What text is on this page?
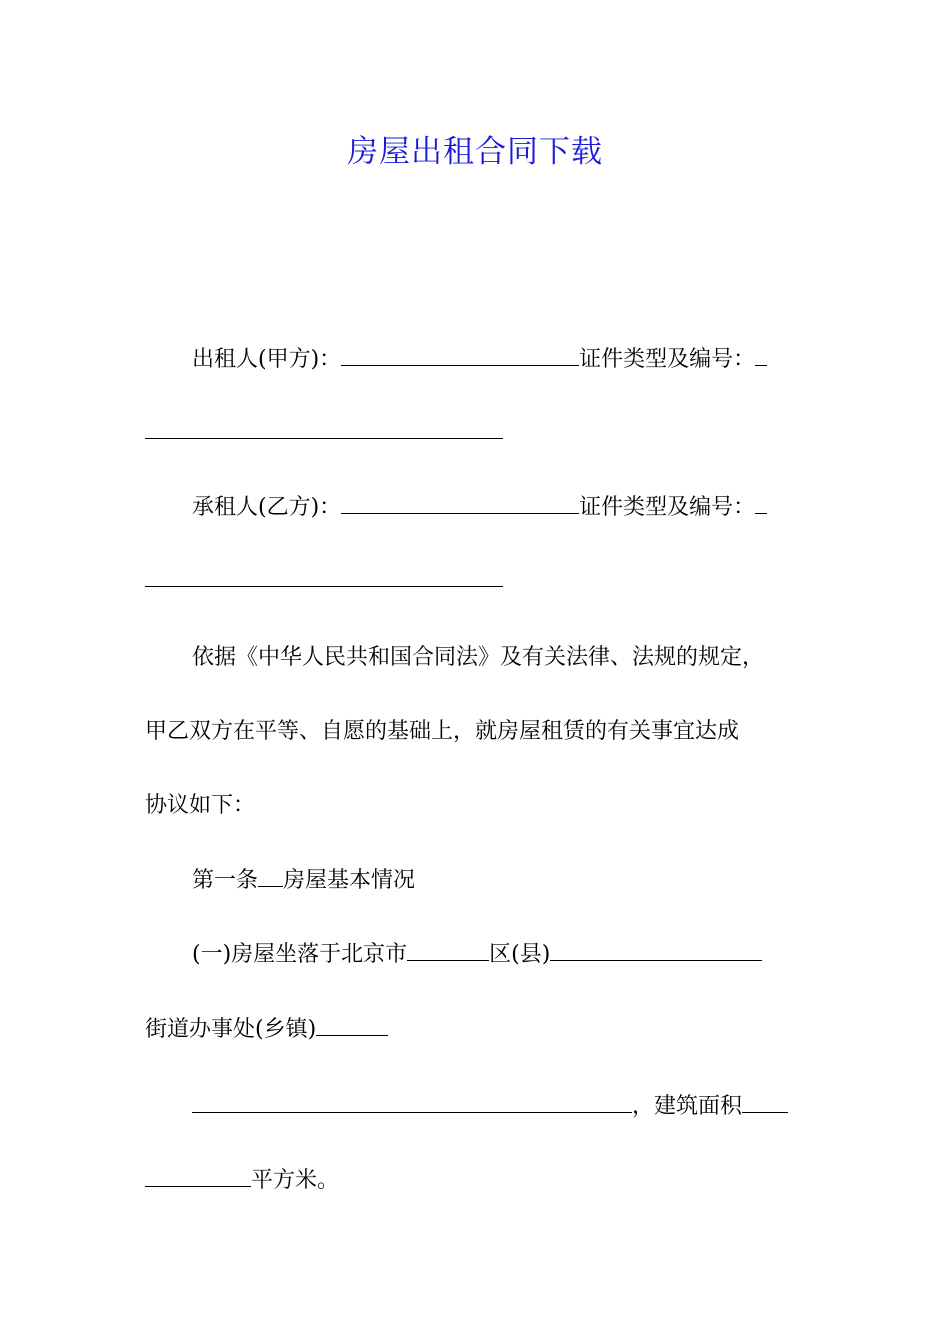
房屋出租合同下载
出租人(甲方)：	证件类型及编号：
承租人(乙方)：	证件类型及编号：
依据《中华人民共和国合同法》及有关法律、法规的规定，
甲乙双方在平等、自愿的基础上，就房屋租赁的有关事宜达成
协议如下：
第一条 房屋基本情况
(一)房屋坐落于北京市	区(县)
街道办事处(乡镇)
，建筑面积
平方米。
